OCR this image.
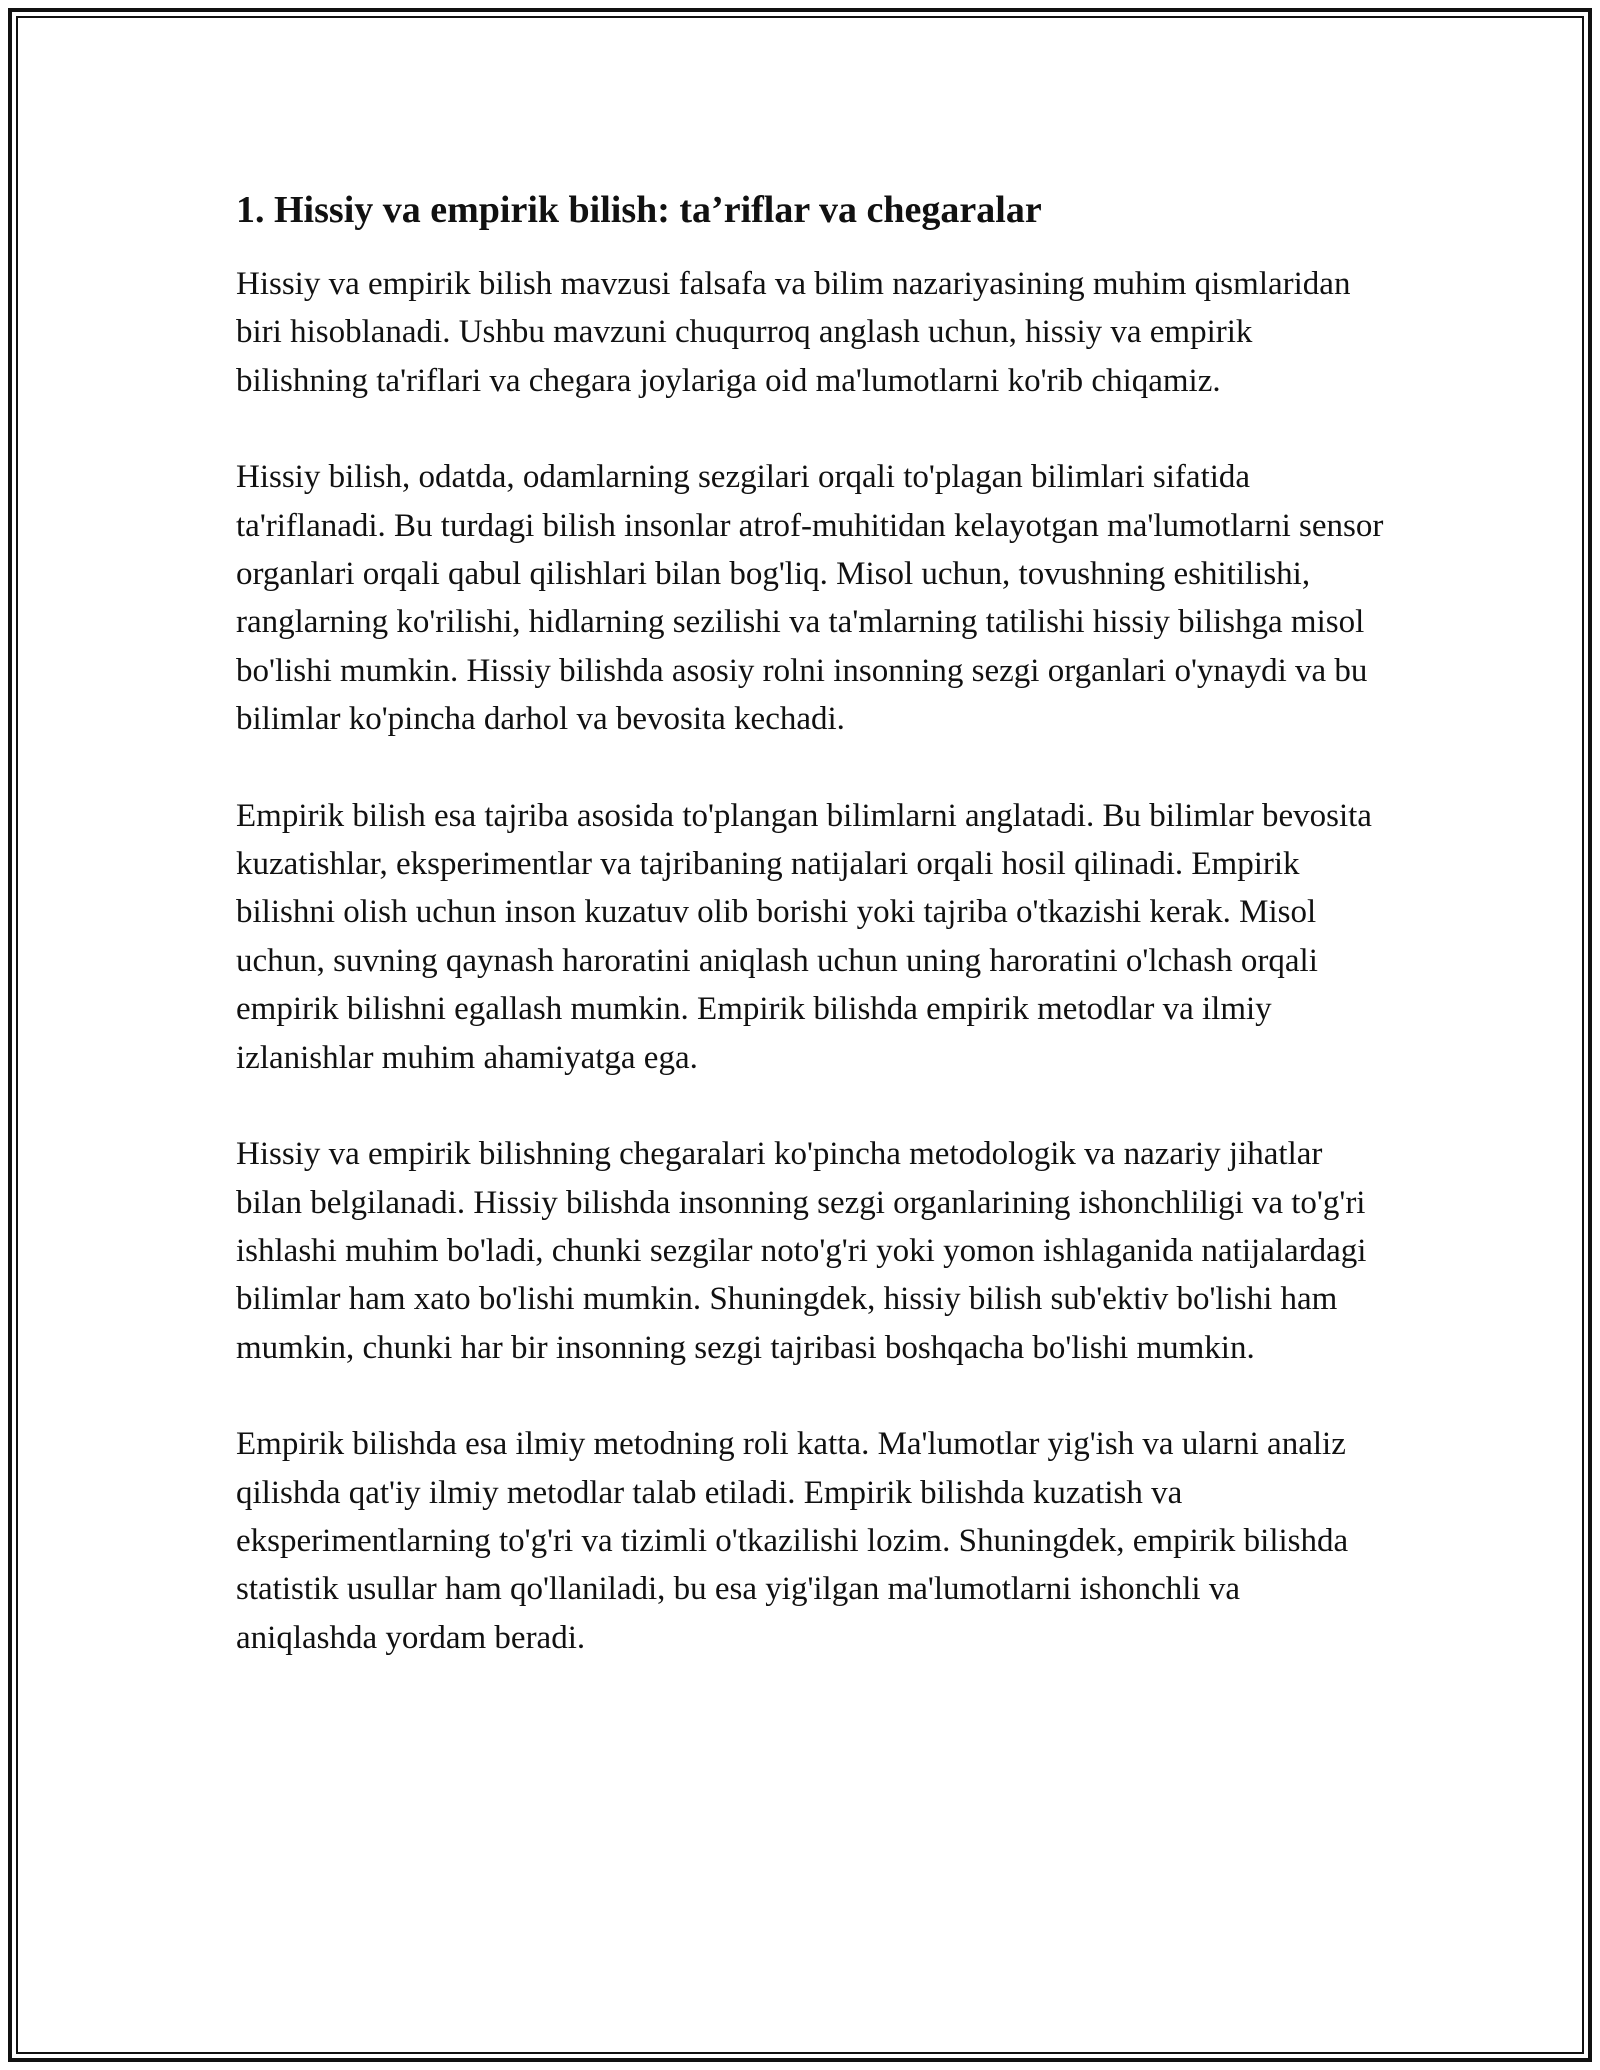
1. Hissiy va empirik bilish: ta’riflar va chegaralar

Hissiy va empirik bilish mavzusi falsafa va bilim nazariyasining muhim qismlaridan biri hisoblanadi. Ushbu mavzuni chuqurroq anglash uchun, hissiy va empirik bilishning ta'riflari va chegara joylariga oid ma'lumotlarni ko'rib chiqamiz.

Hissiy bilish, odatda, odamlarning sezgilari orqali to'plagan bilimlari sifatida ta'riflanadi. Bu turdagi bilish insonlar atrof-muhitidan kelayotgan ma'lumotlarni sensor organlari orqali qabul qilishlari bilan bog'liq. Misol uchun, tovushning eshitilishi, ranglarning ko'rilishi, hidlarning sezilishi va ta'mlarning tatilishi hissiy bilishga misol bo'lishi mumkin. Hissiy bilishda asosiy rolni insonning sezgi organlari o'ynaydi va bu bilimlar ko'pincha darhol va bevosita kechadi.

Empirik bilish esa tajriba asosida to'plangan bilimlarni anglatadi. Bu bilimlar bevosita kuzatishlar, eksperimentlar va tajribaning natijalari orqali hosil qilinadi. Empirik bilishni olish uchun inson kuzatuv olib borishi yoki tajriba o'tkazishi kerak. Misol uchun, suvning qaynash haroratini aniqlash uchun uning haroratini o'lchash orqali empirik bilishni egallash mumkin. Empirik bilishda empirik metodlar va ilmiy izlanishlar muhim ahamiyatga ega.

Hissiy va empirik bilishning chegaralari ko'pincha metodologik va nazariy jihatlar bilan belgilanadi. Hissiy bilishda insonning sezgi organlarining ishonchliligi va to'g'ri ishlashi muhim bo'ladi, chunki sezgilar noto'g'ri yoki yomon ishlaganida natijalardagi bilimlar ham xato bo'lishi mumkin. Shuningdek, hissiy bilish sub'ektiv bo'lishi ham mumkin, chunki har bir insonning sezgi tajribasi boshqacha bo'lishi mumkin.

Empirik bilishda esa ilmiy metodning roli katta. Ma'lumotlar yig'ish va ularni analiz qilishda qat'iy ilmiy metodlar talab etiladi. Empirik bilishda kuzatish va eksperimentlarning to'g'ri va tizimli o'tkazilishi lozim. Shuningdek, empirik bilishda statistik usullar ham qo'llaniladi, bu esa yig'ilgan ma'lumotlarni ishonchli va aniqlashda yordam beradi.
